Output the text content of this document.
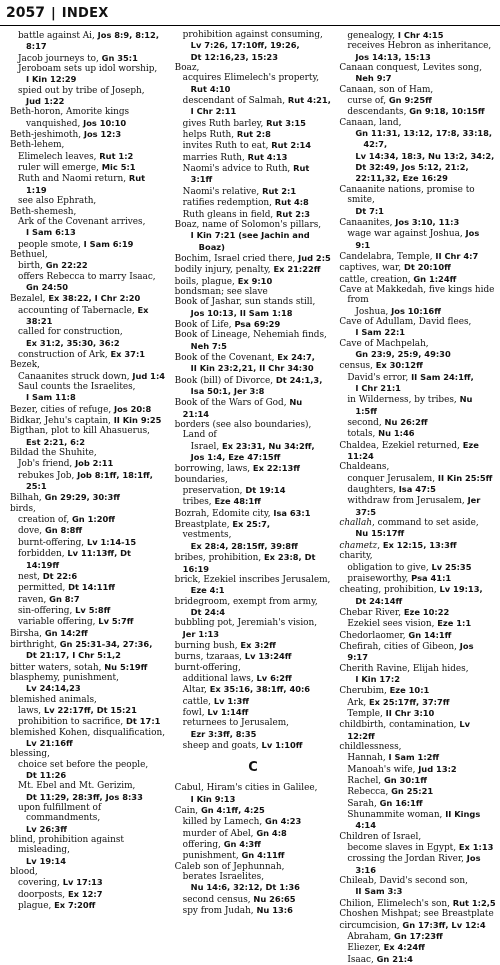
2057 | INDEX

battle against Ai, Jos 8:9, 8:12, 8:17

Jacob journeys to, Gn 35:1

Jeroboam sets up idol worship,

I Kin 12:29

spied out by tribe of Joseph,

Jud 1:22

Beth-horon, Amorite kings

vanquished, Jos 10:10

Beth-jeshimoth, Jos 12:3

Beth-lehem,

Elimelech leaves, Rut 1:2

ruler will emerge, Mic 5:1

Ruth and Naomi return, Rut 1:19

see also Ephrath,

Beth-shemesh,

Ark of the Covenant arrives,

I Sam 6:13

people smote, I Sam 6:19

Bethuel,

birth, Gn 22:22

offers Rebecca to marry Isaac,

Gn 24:50

Bezalel, Ex 38:22, I Chr 2:20

accounting of Tabernacle, Ex 38:21

called for construction,

Ex 31:2, 35:30, 36:2

construction of Ark, Ex 37:1

Bezek,

Canaanites struck down, Jud 1:4

Saul counts the Israelites,

I Sam 11:8

Bezer, cities of refuge, Jos 20:8

Bidkar, Jehu's captain, II Kin 9:25

Bigthan, plot to kill Ahasuerus,

Est 2:21, 6:2

Bildad the Shuhite,

Job's friend, Job 2:11

rebukes Job, Job 8:1ff, 18:1ff, 25:1

Bilhah, Gn 29:29, 30:3ff

birds,

creation of, Gn 1:20ff

dove, Gn 8:8ff

burnt-offering, Lv 1:14-15

forbidden, Lv 11:13ff, Dt 14:19ff

nest, Dt 22:6

permitted, Dt 14:11ff

raven, Gn 8:7

sin-offering, Lv 5:8ff

variable offering, Lv 5:7ff

Birsha, Gn 14:2ff

birthright, Gn 25:31-34, 27:36,

Dt 21:17, I Chr 5:1,2

bitter waters, sotah, Nu 5:19ff

blasphemy, punishment,

Lv 24:14,23

blemished animals,

laws, Lv 22:17ff, Dt 15:21

prohibition to sacrifice, Dt 17:1

blemished Kohen, disqualification,

Lv 21:16ff

blessing,

choice set before the people,

Dt 11:26

Mt. Ebel and Mt. Gerizim,

Dt 11:29, 28:3ff, Jos 8:33

upon fulfillment of commandments,

Lv 26:3ff

blind, prohibition against misleading,

Lv 19:14

blood,

covering, Lv 17:13

doorposts, Ex 12:7

plague, Ex 7:20ff

prohibition against consuming,

Lv 7:26, 17:10ff, 19:26,

Dt 12:16,23, 15:23

Boaz,

acquires Elimelech's property,

Rut 4:10

descendant of Salmah, Rut 4:21,

I Chr 2:11

gives Ruth barley, Rut 3:15

helps Ruth, Rut 2:8

invites Ruth to eat, Rut 2:14

marries Ruth, Rut 4:13

Naomi's advice to Ruth, Rut 3:1ff

Naomi's relative, Rut 2:1

ratifies redemption, Rut 4:8

Ruth gleans in field, Rut 2:3

Boaz, name of Solomon's pillars,

I Kin 7:21 (see Jachin and Boaz)

Bochim, Israel cried there, Jud 2:5

bodily injury, penalty, Ex 21:22ff

boils, plague, Ex 9:10

bondsman; see slave

Book of Jashar, sun stands still,

Jos 10:13, II Sam 1:18

Book of Life, Psa 69:29

Book of Lineage, Nehemiah finds,

Neh 7:5

Book of the Covenant, Ex 24:7,

II Kin 23:2,21, II Chr 34:30

Book (bill) of Divorce, Dt 24:1,3,

Isa 50:1, Jer 3:8

Book of the Wars of God, Nu 21:14

borders (see also boundaries), Land of

Israel, Ex 23:31, Nu 34:2ff,

Jos 1:4, Eze 47:15ff

borrowing, laws, Ex 22:13ff

boundaries,

preservation, Dt 19:14

tribes, Eze 48:1ff

Bozrah, Edomite city, Isa 63:1

Breastplate, Ex 25:7,

vestments,

Ex 28:4, 28:15ff, 39:8ff

bribes, prohibition, Ex 23:8, Dt 16:19

brick, Ezekiel inscribes Jerusalem,

Eze 4:1

bridegroom, exempt from army,

Dt 24:4

bubbling pot, Jeremiah's vision, Jer 1:13

burning bush, Ex 3:2ff

burns, tzaraas, Lv 13:24ff

burnt-offering,

additional laws, Lv 6:2ff

Altar, Ex 35:16, 38:1ff, 40:6

cattle, Lv 1:3ff

fowl, Lv 1:14ff

returnees to Jerusalem,

Ezr 3:3ff, 8:35

sheep and goats, Lv 1:10ff

C

Cabul, Hiram's cities in Galilee,

I Kin 9:13

Cain, Gn 4:1ff, 4:25

killed by Lamech, Gn 4:23

murder of Abel, Gn 4:8

offering, Gn 4:3ff

punishment, Gn 4:11ff

Caleb son of Jephunnah,

berates Israelites,

Nu 14:6, 32:12, Dt 1:36

second census, Nu 26:65

spy from Judah, Nu 13:6

genealogy, I Chr 4:15

receives Hebron as inheritance,

Jos 14:13, 15:13

Canaan conquest, Levites song,

Neh 9:7

Canaan, son of Ham,

curse of, Gn 9:25ff

descendants, Gn 9:18, 10:15ff

Canaan, land,

Gn 11:31, 13:12, 17:8, 33:18, 42:7,

Lv 14:34, 18:3, Nu 13:2, 34:2,

Dt 32:49, Jos 5:12, 21:2,

22:11,32, Eze 16:29

Canaanite nations, promise to smite,

Dt 7:1

Canaanites, Jos 3:10, 11:3

wage war against Joshua, Jos 9:1

Candelabra, Temple, II Chr 4:7

captives, war, Dt 20:10ff

cattle, creation, Gn 1:24ff

Cave at Makkedah, five kings hide from

Joshua, Jos 10:16ff

Cave of Adullam, David flees,

I Sam 22:1

Cave of Machpelah,

Gn 23:9, 25:9, 49:30

census, Ex 30:12ff

David's error, II Sam 24:1ff,

I Chr 21:1

in Wilderness, by tribes, Nu 1:5ff

second, Nu 26:2ff

totals, Nu 1:46

Chaldea, Ezekiel returned, Eze 11:24

Chaldeans,

conquer Jerusalem, II Kin 25:5ff

daughters, Isa 47:5

withdraw from Jerusalem, Jer 37:5

challah, command to set aside,

Nu 15:17ff

chametz, Ex 12:15, 13:3ff

charity,

obligation to give, Lv 25:35

praiseworthy, Psa 41:1

cheating, prohibition, Lv 19:13,

Dt 24:14ff

Chebar River, Eze 10:22

Ezekiel sees vision, Eze 1:1

Chedorlaomer, Gn 14:1ff

Chefirah, cities of Gibeon, Jos 9:17

Cherith Ravine, Elijah hides,

I Kin 17:2

Cherubim, Eze 10:1

Ark, Ex 25:17ff, 37:7ff

Temple, II Chr 3:10

childbirth, contamination, Lv 12:2ff

childlessness,

Hannah, I Sam 1:2ff

Manoah's wife, Jud 13:2

Rachel, Gn 30:1ff

Rebecca, Gn 25:21

Sarah, Gn 16:1ff

Shunammite woman, II Kings 4:14

Children of Israel,

become slaves in Egypt, Ex 1:13

crossing the Jordan River, Jos 3:16

Chileab, David's second son,

II Sam 3:3

Chilion, Elimelech's son, Rut 1:2,5

Choshen Mishpat; see Breastplate

circumcision, Gn 17:3ff, Lv 12:4

Abraham, Gn 17:23ff

Eliezer, Ex 4:24ff

Isaac, Gn 21:4
